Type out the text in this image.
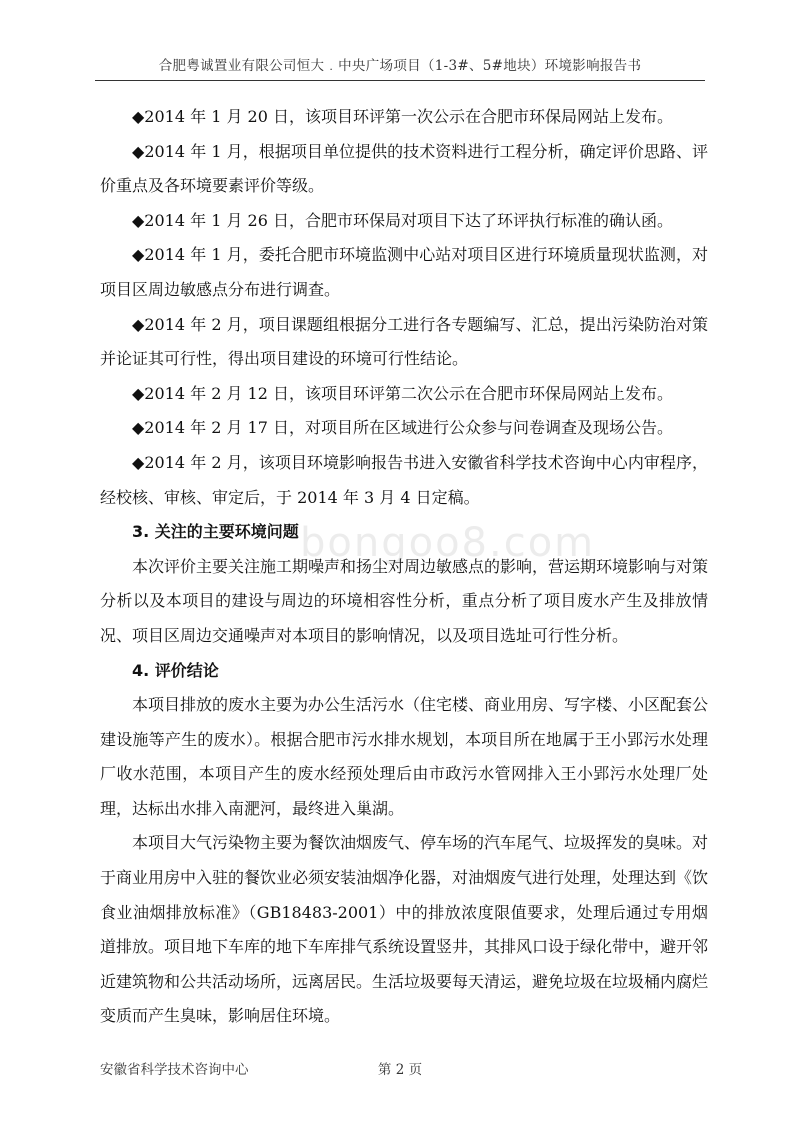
合肥粤诚置业有限公司恒大﹒中央广场项目（1-3#、5#地块）环境影响报告书
bongoo8.com

◆2014 年 1 月 20 日，该项目环评第一次公示在合肥市环保局网站上发布。

◆2014 年 1 月，根据项目单位提供的技术资料进行工程分析，确定评价思路、评价重点及各环境要素评价等级。

◆2014 年 1 月 26 日，合肥市环保局对项目下达了环评执行标准的确认函。

◆2014 年 1 月，委托合肥市环境监测中心站对项目区进行环境质量现状监测，对项目区周边敏感点分布进行调查。

◆2014 年 2 月，项目课题组根据分工进行各专题编写、汇总，提出污染防治对策并论证其可行性，得出项目建设的环境可行性结论。

◆2014 年 2 月 12 日，该项目环评第二次公示在合肥市环保局网站上发布。

◆2014 年 2 月 17 日，对项目所在区域进行公众参与问卷调查及现场公告。

◆2014 年 2 月，该项目环境影响报告书进入安徽省科学技术咨询中心内审程序，经校核、审核、审定后，于 2014 年 3 月 4 日定稿。

3. 关注的主要环境问题

本次评价主要关注施工期噪声和扬尘对周边敏感点的影响，营运期环境影响与对策分析以及本项目的建设与周边的环境相容性分析，重点分析了项目废水产生及排放情况、项目区周边交通噪声对本项目的影响情况，以及项目选址可行性分析。

4. 评价结论

本项目排放的废水主要为办公生活污水（住宅楼、商业用房、写字楼、小区配套公建设施等产生的废水）。根据合肥市污水排水规划，本项目所在地属于王小郢污水处理厂收水范围，本项目产生的废水经预处理后由市政污水管网排入王小郢污水处理厂处理，达标出水排入南淝河，最终进入巢湖。

本项目大气污染物主要为餐饮油烟废气、停车场的汽车尾气、垃圾挥发的臭味。对于商业用房中入驻的餐饮业必须安装油烟净化器，对油烟废气进行处理，处理达到《饮食业油烟排放标准》（GB18483-2001）中的排放浓度限值要求，处理后通过专用烟道排放。项目地下车库的地下车库排气系统设置竖井，其排风口设于绿化带中，避开邻近建筑物和公共活动场所，远离居民。生活垃圾要每天清运，避免垃圾在垃圾桶内腐烂变质而产生臭味，影响居住环境。

安徽省科学技术咨询中心	第 2 页
